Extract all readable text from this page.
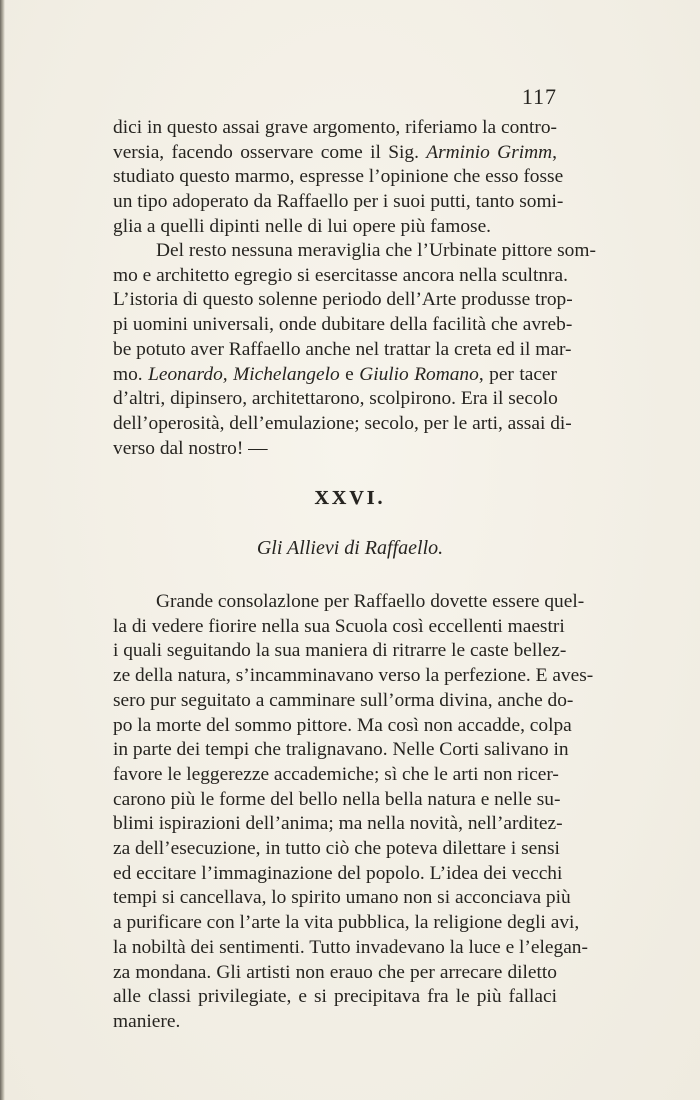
117
dici in questo assai grave argomento, riferiamo la contro-
versia, facendo osservare come il Sig. Arminio Grimm,
studiato questo marmo, espresse l’opinione che esso fosse
un tipo adoperato da Raffaello per i suoi putti, tanto somi-
glia a quelli dipinti nelle di lui opere più famose.
Del resto nessuna meraviglia che l’Urbinate pittore som-
mo e architetto egregio si esercitasse ancora nella scultnra.
L’istoria di questo solenne periodo dell’Arte produsse trop-
pi uomini universali, onde dubitare della facilità che avreb-
be potuto aver Raffaello anche nel trattar la creta ed il mar-
mo. Leonardo, Michelangelo e Giulio Romano, per tacer
d’altri, dipinsero, architettarono, scolpirono. Era il secolo
dell’operosità, dell’emulazione; secolo, per le arti, assai di-
verso dal nostro! —
XXVI.
Gli Allievi di Raffaello.
Grande consolazlone per Raffaello dovette essere quel-
la di vedere fiorire nella sua Scuola così eccellenti maestri
i quali seguitando la sua maniera di ritrarre le caste bellez-
ze della natura, s’incamminavano verso la perfezione. E aves-
sero pur seguitato a camminare sull’orma divina, anche do-
po la morte del sommo pittore. Ma così non accadde, colpa
in parte dei tempi che tralignavano. Nelle Corti salivano in
favore le leggerezze accademiche; sì che le arti non ricer-
carono più le forme del bello nella bella natura e nelle su-
blimi ispirazioni dell’anima; ma nella novità, nell’arditez-
za dell’esecuzione, in tutto ciò che poteva dilettare i sensi
ed eccitare l’immaginazione del popolo. L’idea dei vecchi
tempi si cancellava, lo spirito umano non si acconciava più
a purificare con l’arte la vita pubblica, la religione degli avi,
la nobiltà dei sentimenti. Tutto invadevano la luce e l’elegan-
za mondana. Gli artisti non erauo che per arrecare diletto
alle classi privilegiate, e si precipitava fra le più fallaci
maniere.
